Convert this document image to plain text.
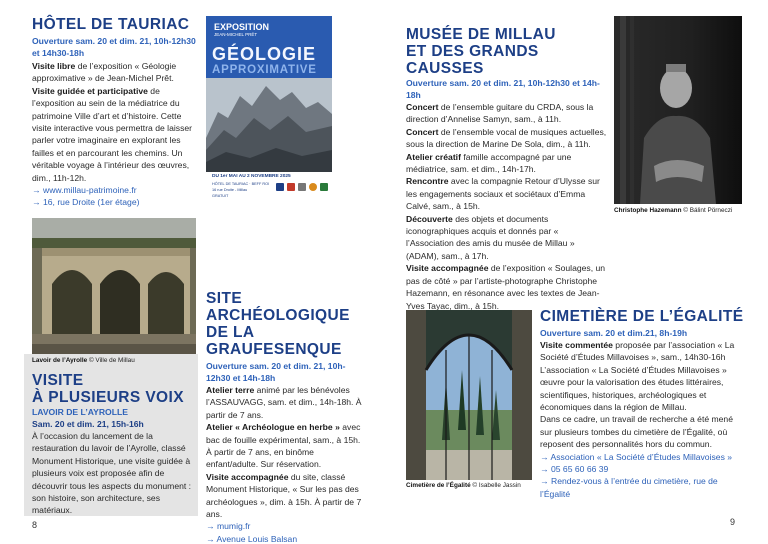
HÔTEL DE TAURIAC
Ouverture sam. 20 et dim. 21, 10h-12h30 et 14h30-18h

Visite libre de l’exposition « Géologie approximative » de Jean-Michel Prêt.

Visite guidée et participative de l’exposition au sein de la médiatrice du patrimoine Ville d’art et d’histoire. Cette visite interactive vous permettra de laisser parler votre imaginaire en explorant les failles et en parcourant les chemins. Un véritable voyage à l’intérieur des œuvres, dim., 11h-12h.

→ www.millau-patrimoine.fr

→ 16, rue Droite (1er étage)

EXPOSITION
JEAN-MICHEL PRÊT
GÉOLOGIE
APPROXIMATIVE
DU 1er MAI AU 2 NOVEMBRE 2025
HÔTEL DE TAURIAC · BEFF ROI
16 rue Droite - Millau
GRATUIT
Lavoir de l’Ayrolle © Ville de Millau
VISITE
À PLUSIEURS VOIX
LAVOIR DE L’AYROLLE
Sam. 20 et dim. 21, 15h-16h

À l’occasion du lancement de la restauration du lavoir de l’Ayrolle, classé Monument Historique, une visite guidée à plusieurs voix est proposée afin de découvrir tous les aspects du monument : son histoire, son architecture, ses matériaux.

SITE ARCHÉOLOGIQUE
DE LA GRAUFESENQUE
Ouverture sam. 20 et dim. 21, 10h-12h30 et 14h-18h

Atelier terre animé par les bénévoles l’ASSAUVAGG, sam. et dim., 14h-18h. À partir de 7 ans.

Atelier « Archéologue en herbe » avec bac de fouille expérimental, sam., à 15h. À partir de 7 ans, en binôme enfant/adulte. Sur réservation.

Visite accompagnée du site, classé Monument Historique, « Sur les pas des archéologues », dim. à 15h. À partir de 7 ans.

→ mumig.fr

→ Avenue Louis Balsan

8
MUSÉE DE MILLAU
ET DES GRANDS CAUSSES
Ouverture sam. 20 et dim. 21, 10h-12h30 et 14h-18h

Concert de l’ensemble guitare du CRDA, sous la direction d’Annelise Samyn, sam., à 11h.

Concert de l’ensemble vocal de musiques actuelles, sous la direction de Marine De Sola, dim., à 11h.

Atelier créatif famille accompagné par une médiatrice, sam. et dim., 14h-17h.

Rencontre avec la compagnie Retour d’Ulysse sur les engagements sociaux et sociétaux d’Emma Calvé, sam., à 15h.

Découverte des objets et documents iconographiques acquis et donnés par « l’Association des amis du musée de Millau » (ADAM), sam., à 17h.

Visite accompagnée de l’exposition « Soulages, un pas de côté » par l’artiste-photographe Christophe Hazemann, en résonance avec les textes de Jean-Yves Tayac, dim., à 15h.

Christophe Hazemann © Bálint Pörneczi
Cimetière de l’Égalité © Isabelle Jassin
CIMETIÈRE DE L’ÉGALITÉ
Ouverture sam. 20 et dim.21, 8h-19h

Visite commentée proposée par l’association « La Société d’Études Millavoises », sam., 14h30-16h

L’association « La Société d’Études Millavoises » œuvre pour la valorisation des études littéraires, scientifiques, historiques, archéologiques et économiques dans la région de Millau.

Dans ce cadre, un travail de recherche a été mené sur plusieurs tombes du cimetière de l’Égalité, où reposent des personnalités hors du commun.

→ Association « La Société d’Études Millavoises »

→ 05 65 60 66 39

→ Rendez-vous à l’entrée du cimetière, rue de l’Égalité

9
